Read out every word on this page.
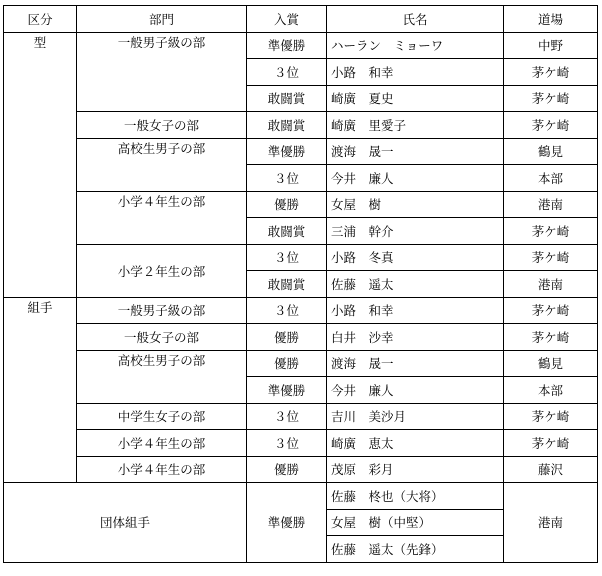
区分	部門	入賞	氏名	道場
型	一般男子級の部	準優勝	ハーラン　ミョーワ	中野
		３位	小路　和幸	茅ケ崎
		敢闘賞	崎廣　夏史	茅ケ崎
	一般女子の部	敢闘賞	崎廣　里愛子	茅ケ崎
	高校生男子の部	準優勝	渡海　晟一	鶴見
		３位	今井　廉人	本部
	小学４年生の部	優勝	女屋　樹	港南
		敢闘賞	三浦　幹介	茅ケ崎
	小学２年生の部	３位	小路　冬真	茅ケ崎
		敢闘賞	佐藤　遥太	港南
組手	一般男子級の部	３位	小路　和幸	茅ケ崎
	一般女子の部	優勝	白井　沙幸	茅ケ崎
	高校生男子の部	優勝	渡海　晟一	鶴見
		準優勝	今井　廉人	本部
	中学生女子の部	３位	吉川　美沙月	茅ケ崎
	小学４年生の部	３位	崎廣　恵太	茅ケ崎
	小学４年生の部	優勝	茂原　彩月	藤沢
団体組手		準優勝	佐藤　柊也（大将）	港南
			女屋　樹（中堅）	
			佐藤　遥太（先鋒）	
